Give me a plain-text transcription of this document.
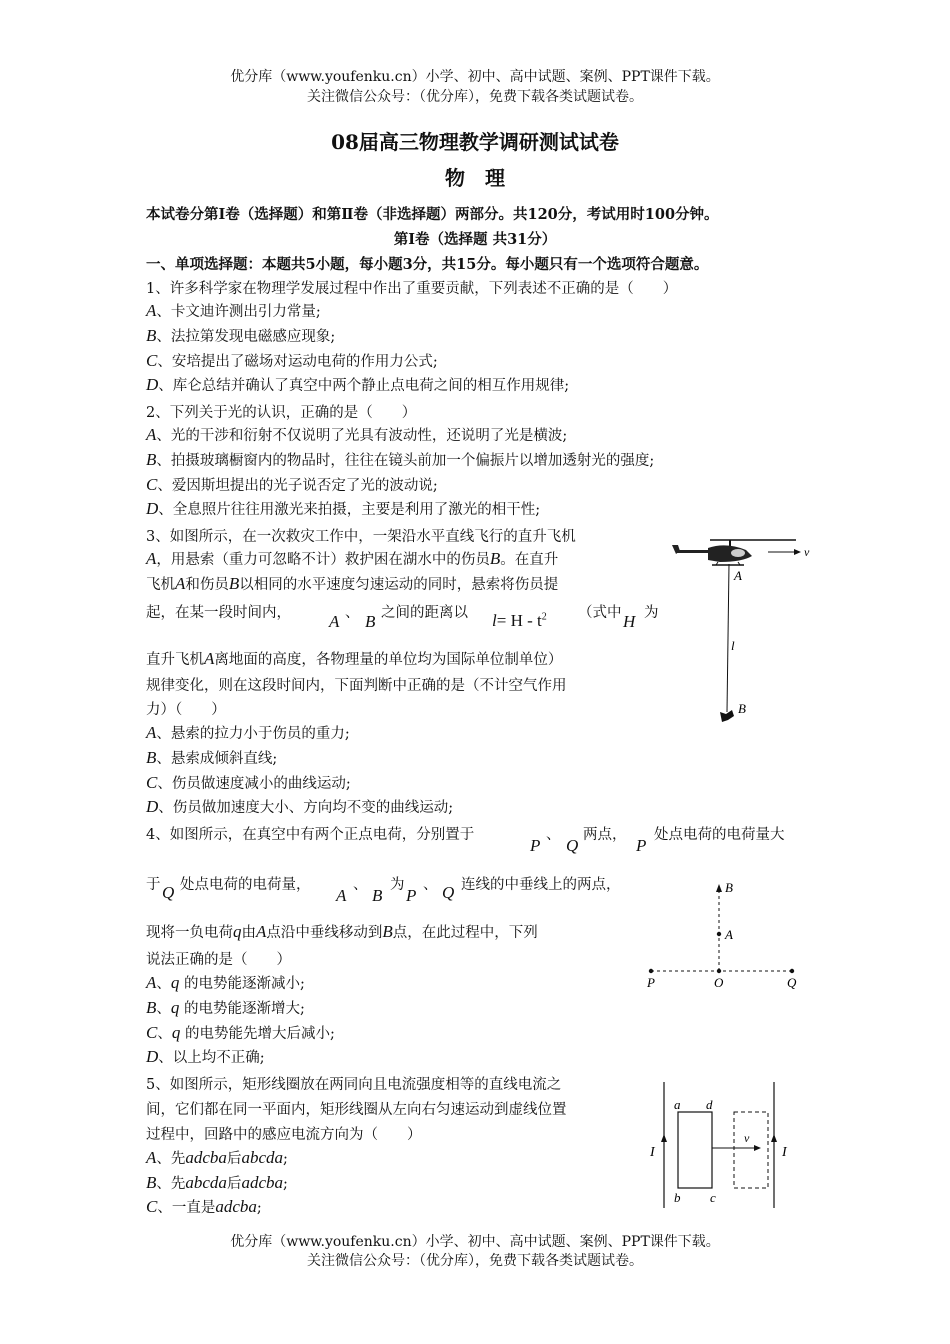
优分库（www.youfenku.cn）小学、初中、高中试题、案例、PPT课件下载。
关注微信公众号：（优分库），免费下载各类试题试卷。
08届高三物理教学调研测试试卷
物　理
本试卷分第Ⅰ卷（选择题）和第Ⅱ卷（非选择题）两部分。共120分，考试用时100分钟。
第Ⅰ卷（选择题 共31分）
一、单项选择题：本题共5小题，每小题3分，共15分。每小题只有一个选项符合题意。
1、许多科学家在物理学发展过程中作出了重要贡献，下列表述不正确的是（　　）
A、卡文迪许测出引力常量;
B、法拉第发现电磁感应现象;
C、安培提出了磁场对运动电荷的作用力公式;
D、库仑总结并确认了真空中两个静止点电荷之间的相互作用规律;
2、下列关于光的认识，正确的是（　　）
A、光的干涉和衍射不仅说明了光具有波动性，还说明了光是横波;
B、拍摄玻璃橱窗内的物品时，往往在镜头前加一个偏振片以增加透射光的强度;
C、爱因斯坦提出的光子说否定了光的波动说;
D、全息照片往往用激光来拍摄，主要是利用了激光的相干性;
3、如图所示，在一次救灾工作中，一架沿水平直线飞行的直升飞机
A，用悬索（重力可忽略不计）救护困在湖水中的伤员B。在直升
飞机A和伤员B以相同的水平速度匀速运动的同时，悬索将伤员提
起，在某一段时间内， A 、 B 之间的距离以 $l= H - t^2$ （式中 H 为
直升飞机A离地面的高度，各物理量的单位均为国际单位制单位）
规律变化，则在这段时间内，下面判断中正确的是（不计空气作用
力）（　　）
A、悬索的拉力小于伤员的重力;
B、悬索成倾斜直线;
C、伤员做速度减小的曲线运动;
D、伤员做加速度大小、方向均不变的曲线运动;
v
A
l
B
4、如图所示，在真空中有两个正点电荷，分别置于
P
、
Q
两点，
P
处点电荷的电荷量大
于 Q 处点电荷的电荷量，
A
、
B
为
P
、 Q 连线的中垂线上的两点，
现将一负电荷q由A点沿中垂线移动到B点，在此过程中，下列
说法正确的是（　　）
A、q 的电势能逐渐减小;
B、q 的电势能逐渐增大;
C、q 的电势能先增大后减小;
D、以上均不正确;
B
A
P	O	Q
5、如图所示，矩形线圈放在两同向且电流强度相等的直线电流之
间，它们都在同一平面内，矩形线圈从左向右匀速运动到虚线位置
过程中，回路中的感应电流方向为（　　）
A、先adcba后abcda;
B、先abcda后adcba;
C、一直是adcba;
I	I
a d
b c
v
优分库（www.youfenku.cn）小学、初中、高中试题、案例、PPT课件下载。
关注微信公众号：（优分库），免费下载各类试题试卷。
